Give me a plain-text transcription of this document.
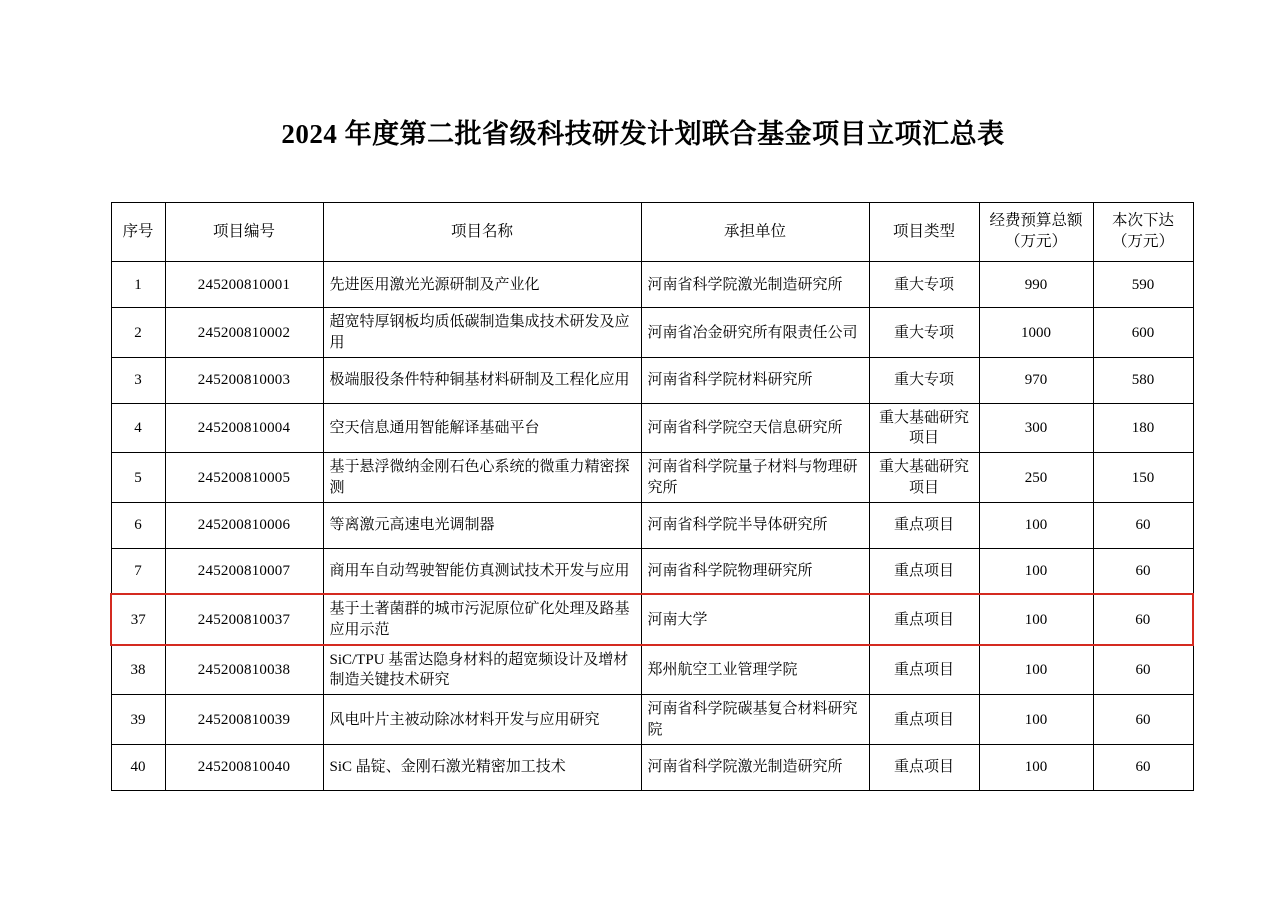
2024 年度第二批省级科技研发计划联合基金项目立项汇总表
序号	项目编号	项目名称	承担单位	项目类型	经费预算总额（万元）	本次下达（万元）
1	245200810001	先进医用激光光源研制及产业化	河南省科学院激光制造研究所	重大专项	990	590
2	245200810002	超宽特厚钢板均质低碳制造集成技术研发及应用	河南省冶金研究所有限责任公司	重大专项	1000	600
3	245200810003	极端服役条件特种铜基材料研制及工程化应用	河南省科学院材料研究所	重大专项	970	580
4	245200810004	空天信息通用智能解译基础平台	河南省科学院空天信息研究所	重大基础研究项目	300	180
5	245200810005	基于悬浮微纳金刚石色心系统的微重力精密探测	河南省科学院量子材料与物理研究所	重大基础研究项目	250	150
6	245200810006	等离激元高速电光调制器	河南省科学院半导体研究所	重点项目	100	60
7	245200810007	商用车自动驾驶智能仿真测试技术开发与应用	河南省科学院物理研究所	重点项目	100	60
37	245200810037	基于土著菌群的城市污泥原位矿化处理及路基应用示范	河南大学	重点项目	100	60
38	245200810038	SiC/TPU 基雷达隐身材料的超宽频设计及增材制造关键技术研究	郑州航空工业管理学院	重点项目	100	60
39	245200810039	风电叶片主被动除冰材料开发与应用研究	河南省科学院碳基复合材料研究院	重点项目	100	60
40	245200810040	SiC 晶锭、金刚石激光精密加工技术	河南省科学院激光制造研究所	重点项目	100	60
